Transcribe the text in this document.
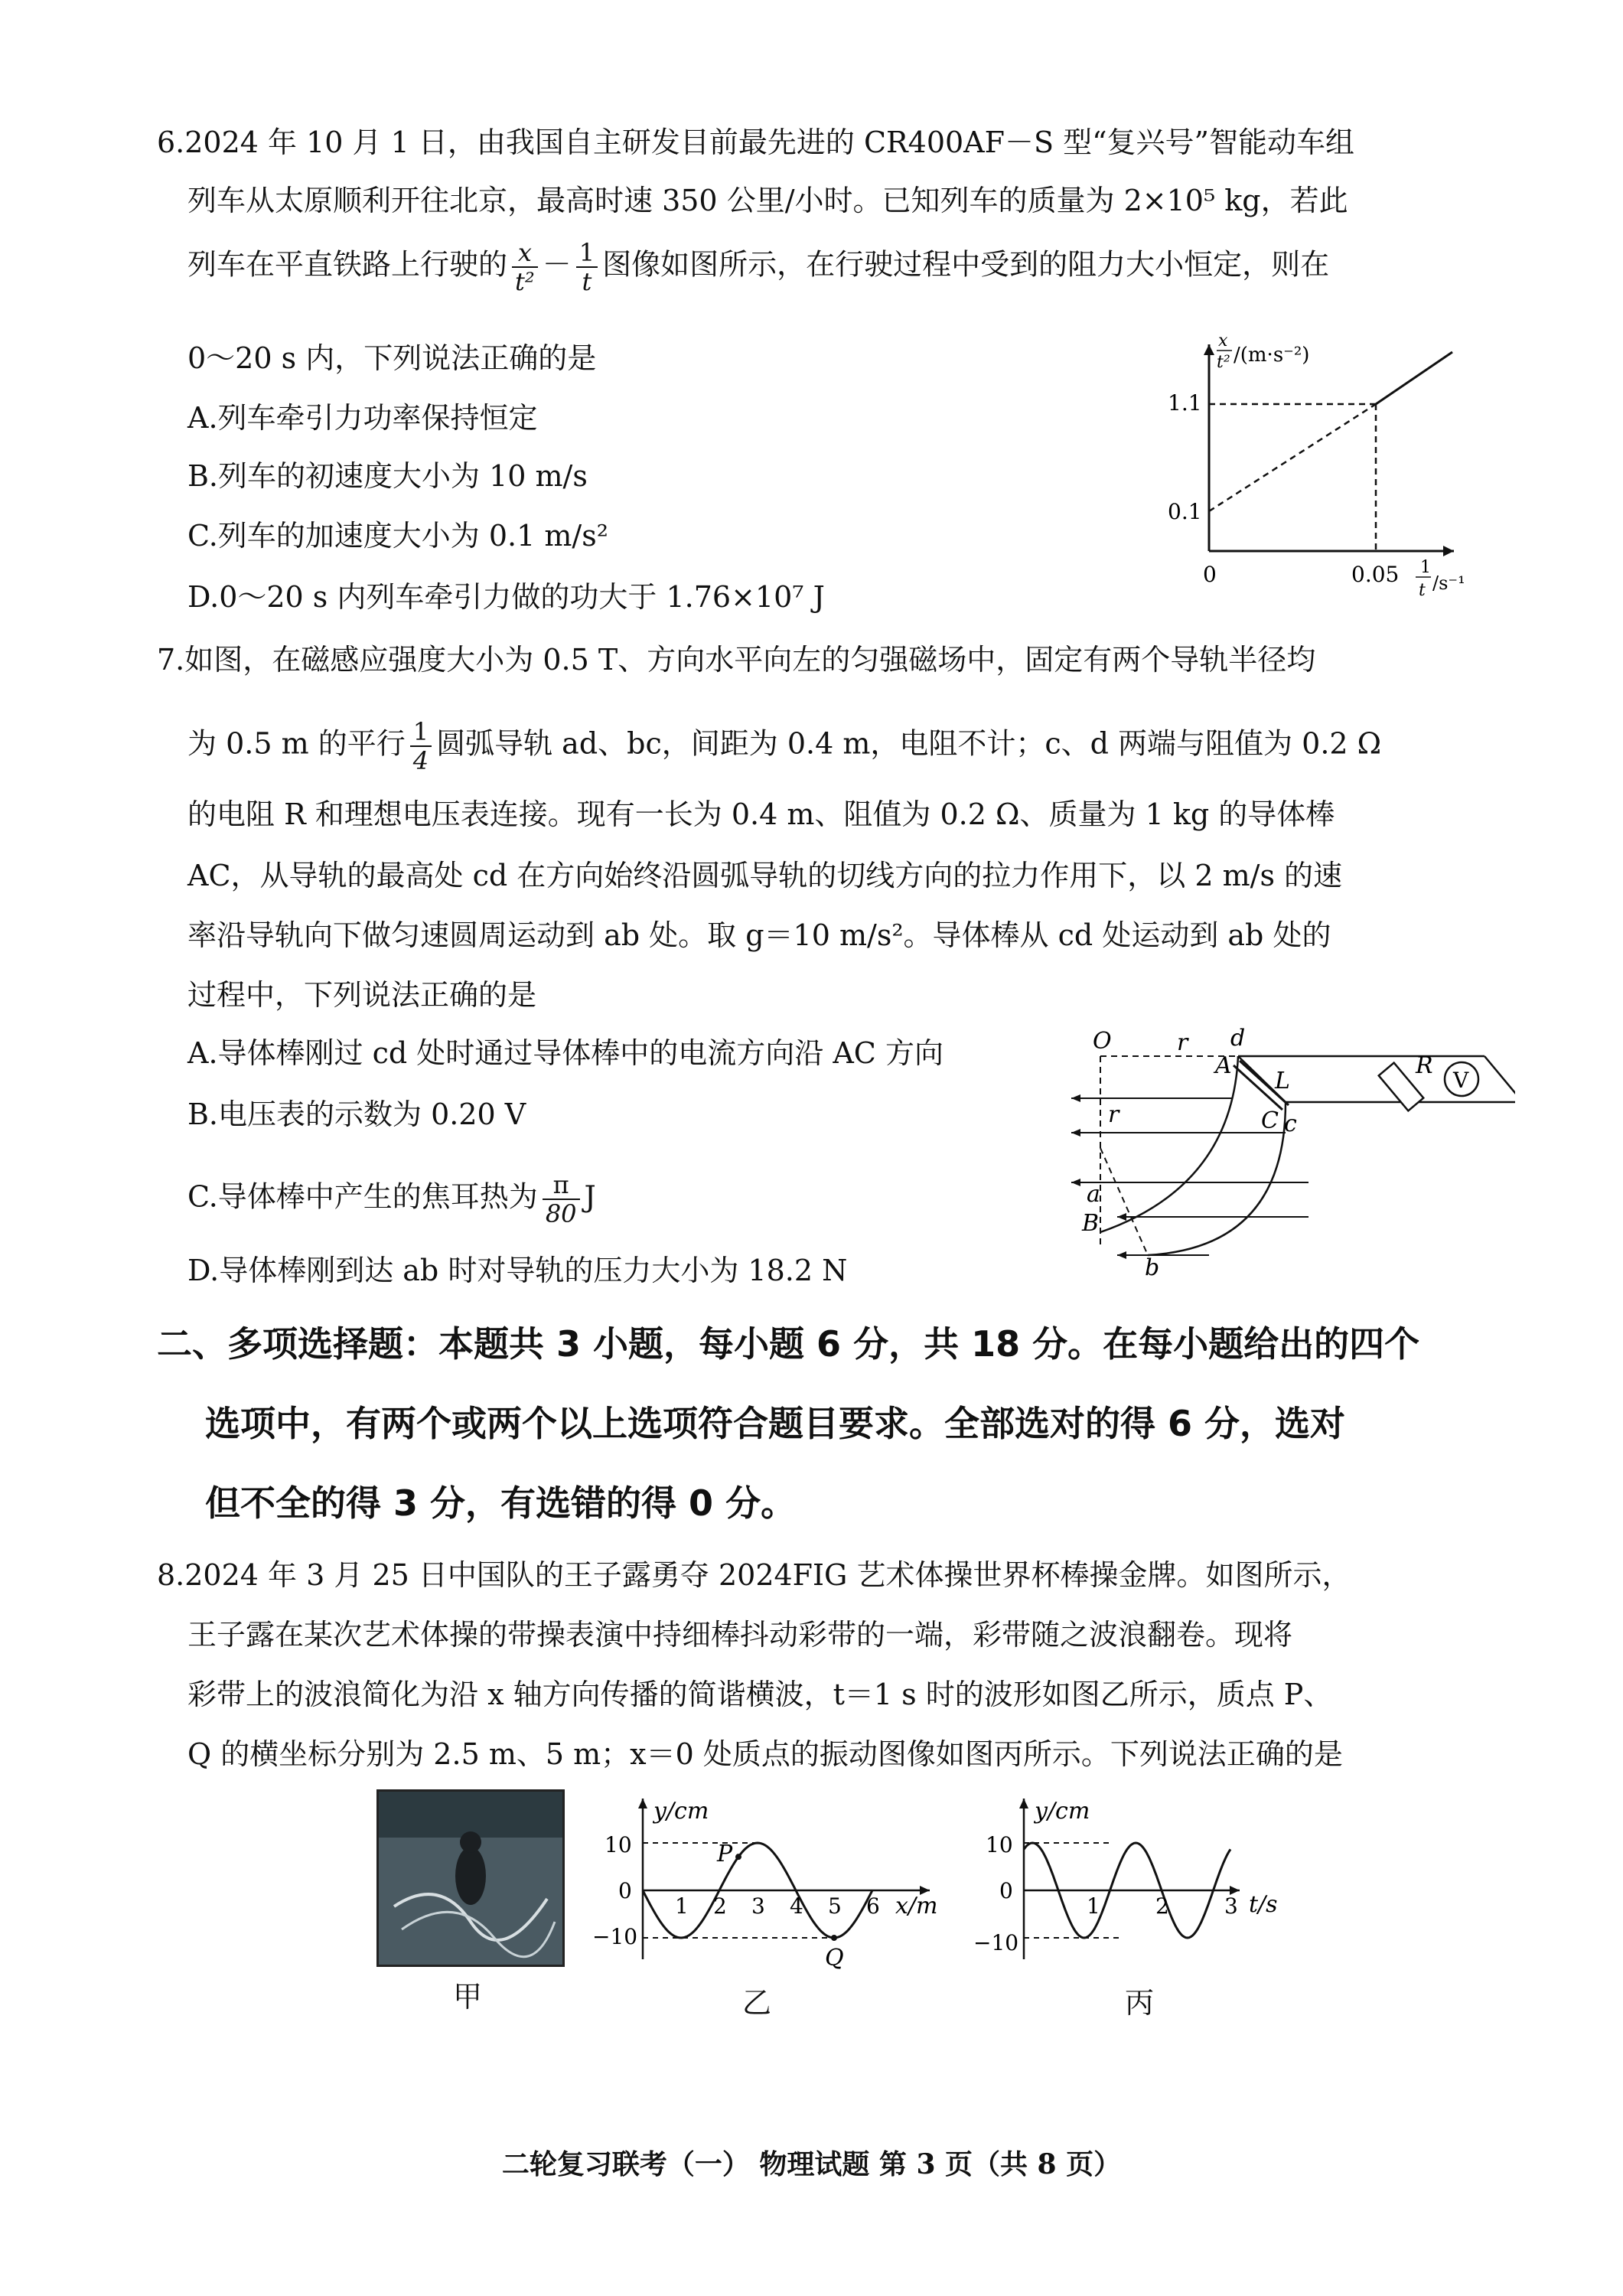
6.2024 年 10 月 1 日，由我国自主研发目前最先进的 CR400AF－S 型“复兴号”智能动车组
列车从太原顺利开往北京，最高时速 350 公里/小时。已知列车的质量为 2×10⁵ kg，若此
列车在平直铁路上行驶的 $\frac{x}{\text{t²}} - \frac{1}{t}$ 图像如图所示，在行驶过程中受到的阻力大小恒定，则在
0～20 s 内，下列说法正确的是
A.列车牵引力功率保持恒定
B.列车的初速度大小为 10 m/s
C.列车的加速度大小为 0.1 m/s²
D.0～20 s 内列车牵引力做的功大于 1.76×10⁷ J
x
t² /(m·s⁻²)
1.1
0.1
0	0.05 1
t /s⁻¹
7.如图，在磁感应强度大小为 0.5 T、方向水平向左的匀强磁场中，固定有两个导轨半径均
为 0.5 m 的平行 $\frac{1}{4}$ 圆弧导轨 ad、bc，间距为 0.4 m，电阻不计；c、d 两端与阻值为 0.2 Ω
的电阻 R 和理想电压表连接。现有一长为 0.4 m、阻值为 0.2 Ω、质量为 1 kg 的导体棒
AC，从导轨的最高处 cd 在方向始终沿圆弧导轨的切线方向的拉力作用下，以 2 m/s 的速
率沿导轨向下做匀速圆周运动到 ab 处。取 g＝10 m/s²。导体棒从 cd 处运动到 ab 处的
过程中，下列说法正确的是
A.导体棒刚过 cd 处时通过导体棒中的电流方向沿 AC 方向
B.电压表的示数为 0.20 V
C.导体棒中产生的焦耳热为 $\frac{\pi}{80}$ J
D.导体棒刚到达 ab 时对导轨的压力大小为 18.2 N
O	r d
A
L
R
V
r	C c
a
B
b
二、多项选择题：本题共 3 小题，每小题 6 分，共 18 分。在每小题给出的四个
选项中，有两个或两个以上选项符合题目要求。全部选对的得 6 分，选对
但不全的得 3 分，有选错的得 0 分。
8.2024 年 3 月 25 日中国队的王子露勇夺 2024FIG 艺术体操世界杯棒操金牌。如图所示，
王子露在某次艺术体操的带操表演中持细棒抖动彩带的一端，彩带随之波浪翻卷。现将
彩带上的波浪简化为沿 x 轴方向传播的简谐横波，t＝1 s 时的波形如图乙所示，质点 P、
Q 的横坐标分别为 2.5 m、5 m；x＝0 处质点的振动图像如图丙所示。下列说法正确的是
甲	乙	丙
y/cm
10
0
−10
1 2 3 4 5 6 x/m
P
Q
y/cm
10
0
−10
1	2	3 t/s
二轮复习联考（一） 物理试题 第 3 页（共 8 页）
